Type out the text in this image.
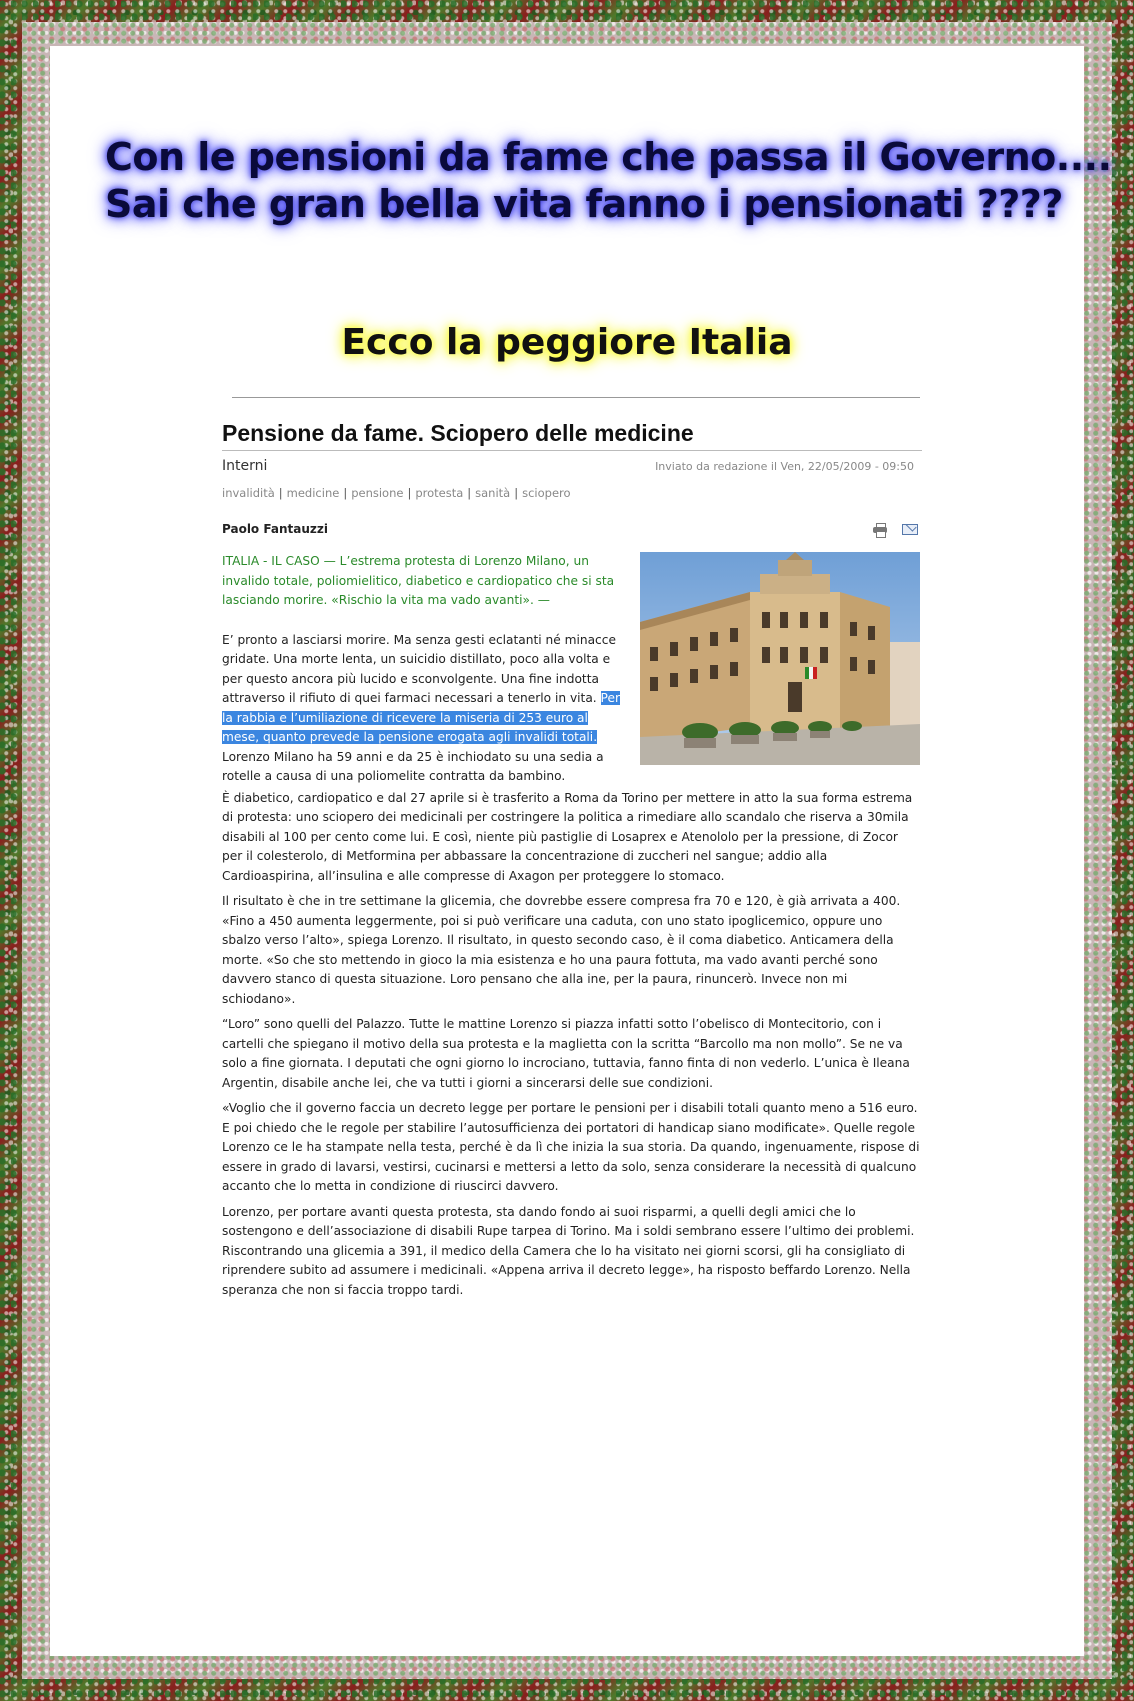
Con le pensioni da fame che passa il Governo....
Sai che gran bella vita fanno i pensionati ????
Ecco la peggiore Italia
Pensione da fame. Sciopero delle medicine
Interni	Inviato da redazione il Ven, 22/05/2009 - 09:50
invalidità | medicine | pensione | protesta | sanità | sciopero
Paolo Fantauzzi

ITALIA - IL CASO — L’estrema protesta di Lorenzo Milano, un invalido totale, poliomielitico, diabetico e cardiopatico che si sta lasciando morire. «Rischio la vita ma vado avanti». —

E’ pronto a lasciarsi morire. Ma senza gesti eclatanti né minacce gridate. Una morte lenta, un suicidio distillato, poco alla volta e per questo ancora più lucido e sconvolgente. Una fine indotta attraverso il rifiuto di quei farmaci necessari a tenerlo in vita. Per la rabbia e l’umiliazione di ricevere la miseria di 253 euro al mese, quanto prevede la pensione erogata agli invalidi totali. Lorenzo Milano ha 59 anni e da 25 è inchiodato su una sedia a rotelle a causa di una poliomelite contratta da bambino.

È diabetico, cardiopatico e dal 27 aprile si è trasferito a Roma da Torino per mettere in atto la sua forma estrema di protesta: uno sciopero dei medicinali per costringere la politica a rimediare allo scandalo che riserva a 30mila disabili al 100 per cento come lui. E così, niente più pastiglie di Losaprex e Atenololo per la pressione, di Zocor per il colesterolo, di Metformina per abbassare la concentrazione di zuccheri nel sangue; addio alla Cardioaspirina, all’insulina e alle compresse di Axagon per proteggere lo stomaco.

Il risultato è che in tre settimane la glicemia, che dovrebbe essere compresa fra 70 e 120, è già arrivata a 400. «Fino a 450 aumenta leggermente, poi si può verificare una caduta, con uno stato ipoglicemico, oppure uno sbalzo verso l’alto», spiega Lorenzo. Il risultato, in questo secondo caso, è il coma diabetico. Anticamera della morte. «So che sto mettendo in gioco la mia esistenza e ho una paura fottuta, ma vado avanti perché sono davvero stanco di questa situazione. Loro pensano che alla ine, per la paura, rinuncerò. Invece non mi schiodano».

“Loro” sono quelli del Palazzo. Tutte le mattine Lorenzo si piazza infatti sotto l’obelisco di Montecitorio, con i cartelli che spiegano il motivo della sua protesta e la maglietta con la scritta “Barcollo ma non mollo”. Se ne va solo a fine giornata. I deputati che ogni giorno lo incrociano, tuttavia, fanno finta di non vederlo. L’unica è Ileana Argentin, disabile anche lei, che va tutti i giorni a sincerarsi delle sue condizioni.

«Voglio che il governo faccia un decreto legge per portare le pensioni per i disabili totali quanto meno a 516 euro. E poi chiedo che le regole per stabilire l’autosufficienza dei portatori di handicap siano modificate». Quelle regole Lorenzo ce le ha stampate nella testa, perché è da lì che inizia la sua storia. Da quando, ingenuamente, rispose di essere in grado di lavarsi, vestirsi, cucinarsi e mettersi a letto da solo, senza considerare la necessità di qualcuno accanto che lo metta in condizione di riuscirci davvero.

Lorenzo, per portare avanti questa protesta, sta dando fondo ai suoi risparmi, a quelli degli amici che lo sostengono e dell’associazione di disabili Rupe tarpea di Torino. Ma i soldi sembrano essere l’ultimo dei problemi. Riscontrando una glicemia a 391, il medico della Camera che lo ha visitato nei giorni scorsi, gli ha consigliato di riprendere subito ad assumere i medicinali. «Appena arriva il decreto legge», ha risposto beffardo Lorenzo. Nella speranza che non si faccia troppo tardi.
